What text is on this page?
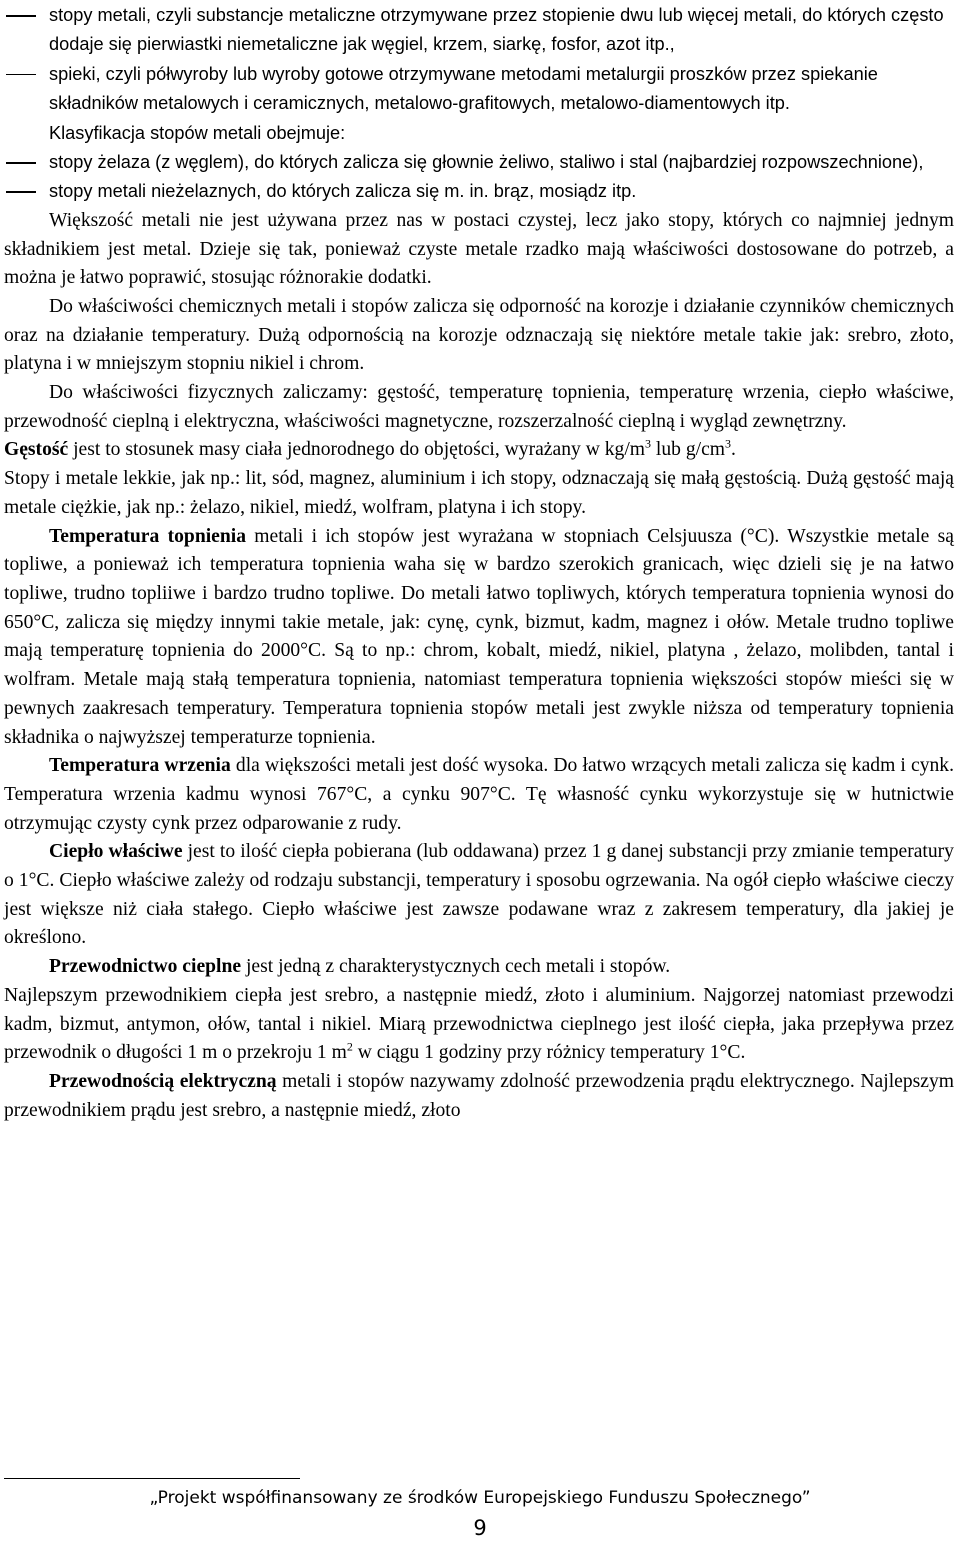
stopy metali, czyli substancje metaliczne otrzymywane przez stopienie dwu lub więcej metali, do których często dodaje się pierwiastki niemetaliczne jak węgiel, krzem, siarkę, fosfor, azot itp.,
spieki, czyli półwyroby lub wyroby gotowe otrzymywane metodami metalurgii proszków przez spiekanie składników metalowych i ceramicznych, metalowo-grafitowych, metalowo-diamentowych itp.
Klasyfikacja stopów metali obejmuje:
stopy żelaza (z węglem), do których zalicza się głownie żeliwo, staliwo i stal (najbardziej rozpowszechnione),
stopy metali nieżelaznych, do których zalicza się m. in. brąz, mosiądz itp.
Większość metali nie jest używana przez nas w postaci czystej, lecz jako stopy, których co najmniej jednym składnikiem jest metal. Dzieje się tak, ponieważ czyste metale rzadko mają właściwości dostosowane do potrzeb, a można je łatwo poprawić, stosując różnorakie dodatki.
Do właściwości chemicznych metali i stopów zalicza się odporność na korozje i działanie czynników chemicznych oraz na działanie temperatury. Dużą odpornością na korozje odznaczają się niektóre metale takie jak: srebro, złoto, platyna i w mniejszym stopniu nikiel i chrom.
Do właściwości fizycznych zaliczamy: gęstość, temperaturę topnienia, temperaturę wrzenia, ciepło właściwe, przewodność cieplną i elektryczna, właściwości magnetyczne, rozszerzalność cieplną i wygląd zewnętrzny.
Gęstość jest to stosunek masy ciała jednorodnego do objętości, wyrażany w $kg/m^3$ lub $g/cm^3$.
Stopy i metale lekkie, jak np.: lit, sód, magnez, aluminium i ich stopy, odznaczają się małą gęstością. Dużą gęstość mają metale ciężkie, jak np.: żelazo, nikiel, miedź, wolfram, platyna i ich stopy.
Temperatura topnienia metali i ich stopów jest wyrażana w stopniach Celsjuusza (°C). Wszystkie metale są topliwe, a ponieważ ich temperatura topnienia waha się w bardzo szerokich granicach, więc dzieli się je na łatwo topliwe, trudno topliiwe i bardzo trudno topliwe. Do metali łatwo topliwych, których temperatura topnienia wynosi do 650°C, zalicza się między innymi takie metale, jak: cynę, cynk, bizmut, kadm, magnez i ołów. Metale trudno topliwe mają temperaturę topnienia do 2000°C. Są to np.: chrom, kobalt, miedź, nikiel, platyna , żelazo, molibden, tantal i wolfram. Metale mają stałą temperatura topnienia, natomiast temperatura topnienia większości stopów mieści się w pewnych zaakresach temperatury. Temperatura topnienia stopów metali jest zwykle niższa od temperatury topnienia składnika o najwyższej temperaturze topnienia.
Temperatura wrzenia dla większości metali jest dość wysoka. Do łatwo wrzących metali zalicza się kadm i cynk. Temperatura wrzenia kadmu wynosi 767°C, a cynku 907°C. Tę własność cynku wykorzystuje się w hutnictwie otrzymując czysty cynk przez odparowanie z rudy.
Ciepło właściwe jest to ilość ciepła pobierana (lub oddawana) przez 1 g danej substancji przy zmianie temperatury o 1°C. Ciepło właściwe zależy od rodzaju substancji, temperatury i sposobu ogrzewania. Na ogół ciepło właściwe cieczy jest większe niż ciała stałego. Ciepło właściwe jest zawsze podawane wraz z zakresem temperatury, dla jakiej je określono.
Przewodnictwo cieplne jest jedną z charakterystycznych cech metali i stopów.
Najlepszym przewodnikiem ciepła jest srebro, a następnie miedź, złoto i aluminium. Najgorzej natomiast przewodzi kadm, bizmut, antymon, ołów, tantal i nikiel. Miarą przewodnictwa cieplnego jest ilość ciepła, jaka przepływa przez przewodnik o długości 1 m o przekroju 1 $m^2$ w ciągu 1 godziny przy różnicy temperatury 1°C.
Przewodnością elektryczną metali i stopów nazywamy zdolność przewodzenia prądu elektrycznego. Najlepszym przewodnikiem prądu jest srebro, a następnie miedź, złoto
„Projekt współfinansowany ze środków Europejskiego Funduszu Społecznego”
9
